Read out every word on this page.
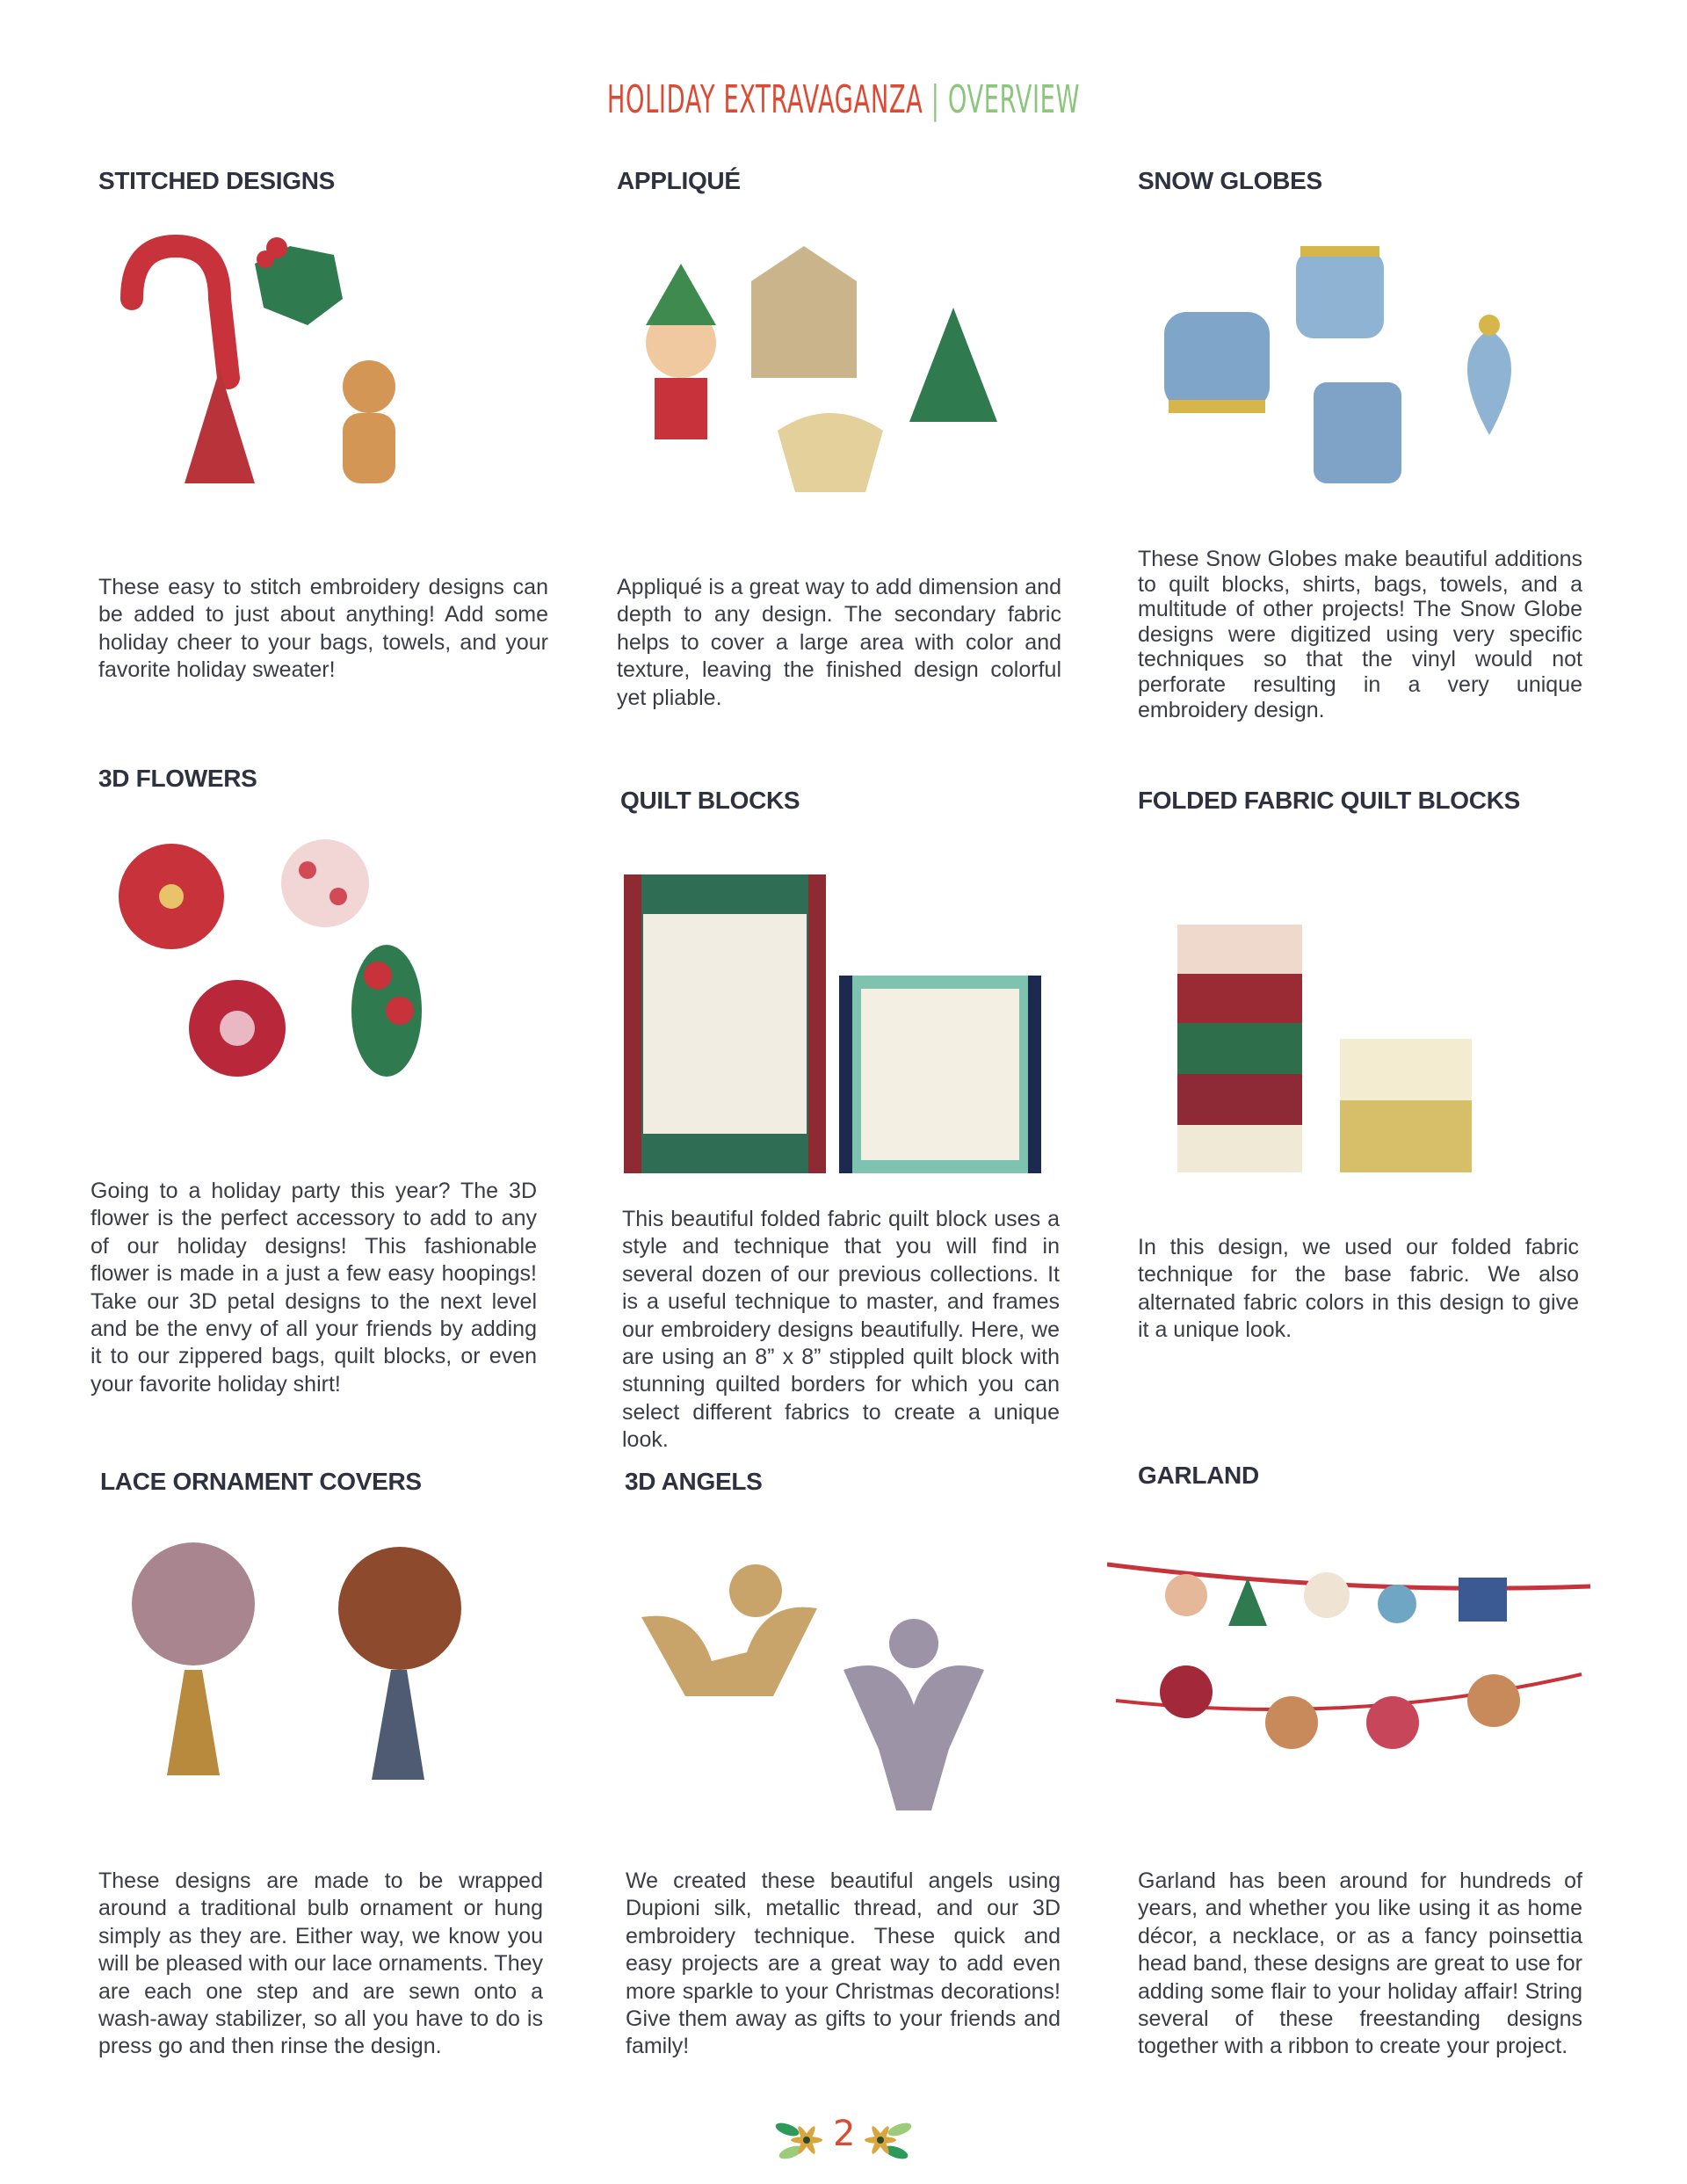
HOLIDAY EXTRAVAGANZA | OVERVIEW
STITCHED DESIGNS	APPLIQUÉ	SNOW GLOBES

These easy to stitch embroidery designs can be added to just about anything! Add some holiday cheer to your bags, towels, and your favorite holiday sweater!

Appliqué is a great way to add dimension and depth to any design. The secondary fabric helps to cover a large area with color and texture, leaving the finished design colorful yet pliable.

These Snow Globes make beautiful additions to quilt blocks, shirts, bags, towels, and a multitude of other projects! The Snow Globe designs were digitized using very specific techniques so that the vinyl would not perforate resulting in a very unique embroidery design.

3D FLOWERS
QUILT BLOCKS	FOLDED FABRIC QUILT BLOCKS

Going to a holiday party this year? The 3D flower is the perfect accessory to add to any of our holiday designs! This fashionable flower is made in a just a few easy hoopings! Take our 3D petal designs to the next level and be the envy of all your friends by adding it to our zippered bags, quilt blocks, or even your favorite holiday shirt!

This beautiful folded fabric quilt block uses a style and technique that you will find in several dozen of our previous collections. It is a useful technique to master, and frames our embroidery designs beautifully. Here, we are using an 8” x 8” stippled quilt block with stunning quilted borders for which you can select different fabrics to create a unique look.

In this design, we used our folded fabric technique for the base fabric. We also alternated fabric colors in this design to give it a unique look.

LACE ORNAMENT COVERS	3D ANGELS	GARLAND

These designs are made to be wrapped around a traditional bulb ornament or hung simply as they are. Either way, we know you will be pleased with our lace ornaments. They are each one step and are sewn onto a wash-away stabilizer, so all you have to do is press go and then rinse the design.

We created these beautiful angels using Dupioni silk, metallic thread, and our 3D embroidery technique. These quick and easy projects are a great way to add even more sparkle to your Christmas decorations! Give them away as gifts to your friends and family!

Garland has been around for hundreds of years, and whether you like using it as home décor, a necklace, or as a fancy poinsettia head band, these designs are great to use for adding some flair to your holiday affair! String several of these freestanding designs together with a ribbon to create your project.

2
